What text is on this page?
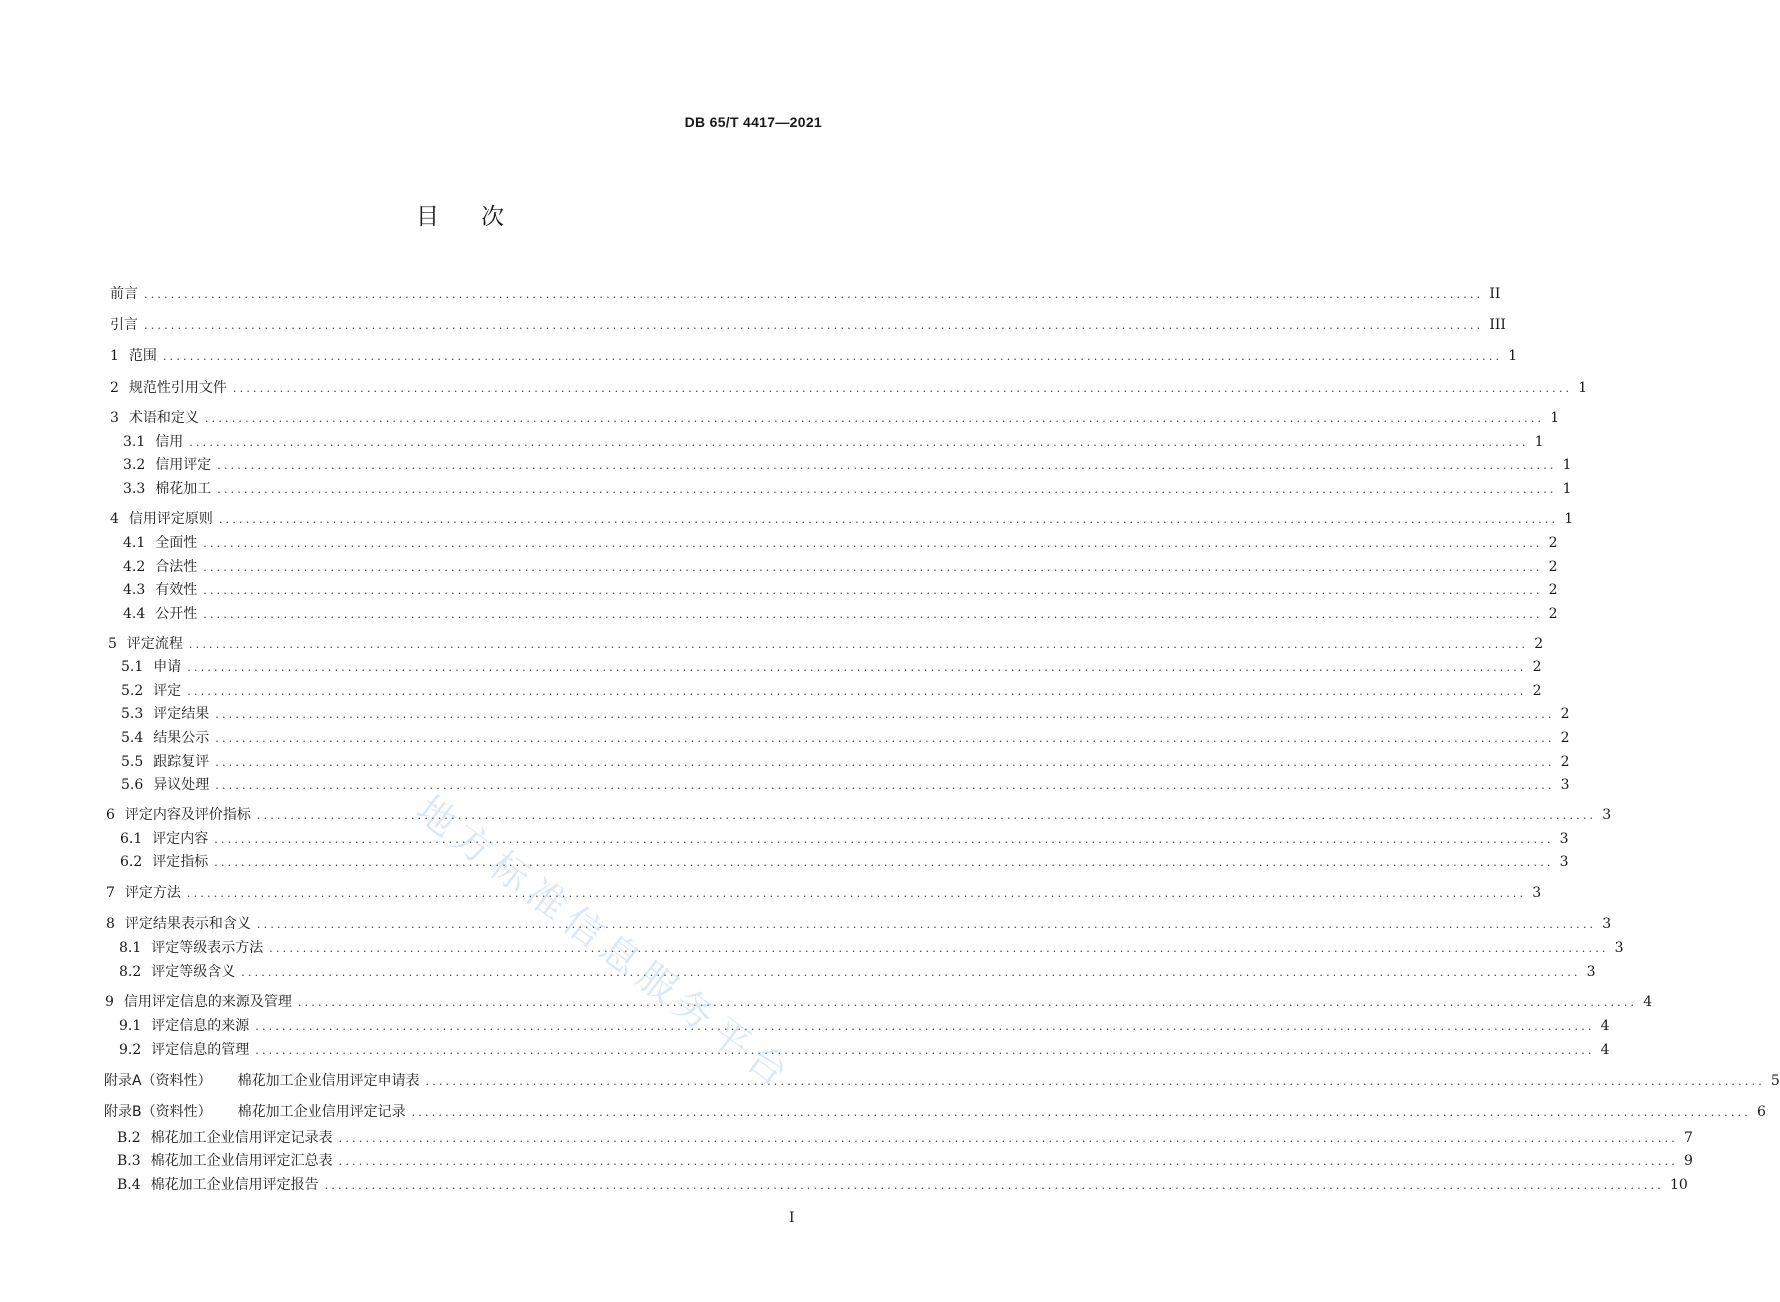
DB 65/T 4417—2021
目 次
前言 ........................................................................................................................................................................................................ II
引言 ........................................................................................................................................................................................................ III
1 范围 ........................................................................................................................................................................................................ 1
2 规范性引用文件 ........................................................................................................................................................................................................ 1
3 术语和定义 ........................................................................................................................................................................................................ 1
3.1 信用 ........................................................................................................................................................................................................ 1
3.2 信用评定 ........................................................................................................................................................................................................ 1
3.3 棉花加工 ........................................................................................................................................................................................................ 1
4 信用评定原则 ........................................................................................................................................................................................................ 1
4.1 全面性 ........................................................................................................................................................................................................ 2
4.2 合法性 ........................................................................................................................................................................................................ 2
4.3 有效性 ........................................................................................................................................................................................................ 2
4.4 公开性 ........................................................................................................................................................................................................ 2
5 评定流程 ........................................................................................................................................................................................................ 2
5.1 申请 ........................................................................................................................................................................................................ 2
5.2 评定 ........................................................................................................................................................................................................ 2
5.3 评定结果 ........................................................................................................................................................................................................ 2
5.4 结果公示 ........................................................................................................................................................................................................ 2
5.5 跟踪复评 ........................................................................................................................................................................................................ 2
5.6 异议处理 ........................................................................................................................................................................................................ 3
6 评定内容及评价指标 ........................................................................................................................................................................................................ 3
6.1 评定内容 ........................................................................................................................................................................................................ 3
6.2 评定指标 ........................................................................................................................................................................................................ 3
7 评定方法 ........................................................................................................................................................................................................ 3
8 评定结果表示和含义 ........................................................................................................................................................................................................ 3
8.1 评定等级表示方法 ........................................................................................................................................................................................................ 3
8.2 评定等级含义 ........................................................................................................................................................................................................ 3
9 信用评定信息的来源及管理 ........................................................................................................................................................................................................ 4
9.1 评定信息的来源 ........................................................................................................................................................................................................ 4
9.2 评定信息的管理 ........................................................................................................................................................................................................ 4
附录A（资料性） 棉花加工企业信用评定申请表 ........................................................................................................................................................................................................ 5
附录B（资料性） 棉花加工企业信用评定记录 ........................................................................................................................................................................................................ 6
B.2 棉花加工企业信用评定记录表 ........................................................................................................................................................................................................ 7
B.3 棉花加工企业信用评定汇总表 ........................................................................................................................................................................................................ 9
B.4 棉花加工企业信用评定报告 ........................................................................................................................................................................................................ 10
I
地方标准信息服务平台
